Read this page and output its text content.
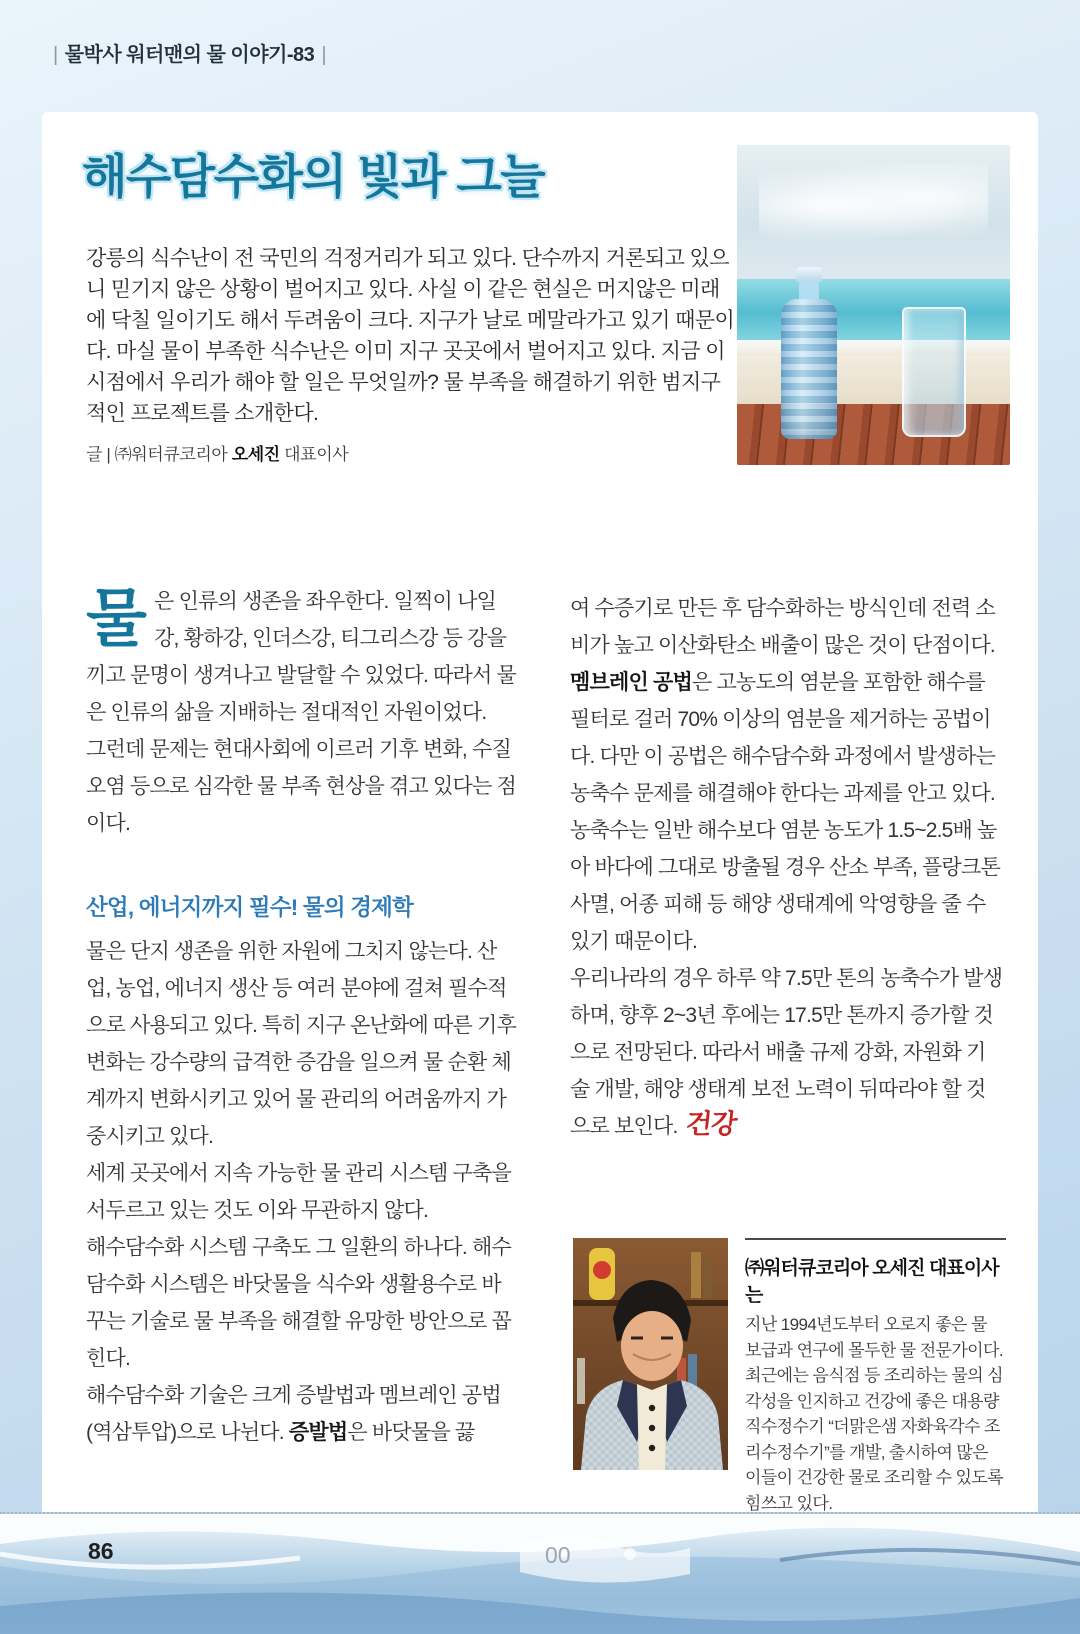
| 물박사 워터맨의 물 이야기-83 |
해수담수화의 빛과 그늘

강릉의 식수난이 전 국민의 걱정거리가 되고 있다. 단수까지 거론되고 있으니 믿기지 않은 상황이 벌어지고 있다. 사실 이 같은 현실은 머지않은 미래에 닥칠 일이기도 해서 두려움이 크다. 지구가 날로 메말라가고 있기 때문이다. 마실 물이 부족한 식수난은 이미 지구 곳곳에서 벌어지고 있다. 지금 이 시점에서 우리가 해야 할 일은 무엇일까? 물 부족을 해결하기 위한 범지구적인 프로젝트를 소개한다.

글 | ㈜워터큐코리아 오세진 대표이사

물은 인류의 생존을 좌우한다. 일찍이 나일강, 황하강, 인더스강, 티그리스강 등 강을 끼고 문명이 생겨나고 발달할 수 있었다. 따라서 물은 인류의 삶을 지배하는 절대적인 자원이었다.

그런데 문제는 현대사회에 이르러 기후 변화, 수질 오염 등으로 심각한 물 부족 현상을 겪고 있다는 점이다.

산업, 에너지까지 필수! 물의 경제학

물은 단지 생존을 위한 자원에 그치지 않는다. 산업, 농업, 에너지 생산 등 여러 분야에 걸쳐 필수적으로 사용되고 있다. 특히 지구 온난화에 따른 기후변화는 강수량의 급격한 증감을 일으켜 물 순환 체계까지 변화시키고 있어 물 관리의 어려움까지 가중시키고 있다.

세계 곳곳에서 지속 가능한 물 관리 시스템 구축을 서두르고 있는 것도 이와 무관하지 않다.

해수담수화 시스템 구축도 그 일환의 하나다. 해수담수화 시스템은 바닷물을 식수와 생활용수로 바꾸는 기술로 물 부족을 해결할 유망한 방안으로 꼽힌다.

해수담수화 기술은 크게 증발법과 멤브레인 공법(역삼투압)으로 나뉜다. 증발법은 바닷물을 끓

여 수증기로 만든 후 담수화하는 방식인데 전력 소비가 높고 이산화탄소 배출이 많은 것이 단점이다.

멤브레인 공법은 고농도의 염분을 포함한 해수를 필터로 걸러 70% 이상의 염분을 제거하는 공법이다. 다만 이 공법은 해수담수화 과정에서 발생하는 농축수 문제를 해결해야 한다는 과제를 안고 있다. 농축수는 일반 해수보다 염분 농도가 1.5~2.5배 높아 바다에 그대로 방출될 경우 산소 부족, 플랑크톤 사멸, 어종 피해 등 해양 생태계에 악영향을 줄 수 있기 때문이다.

우리나라의 경우 하루 약 7.5만 톤의 농축수가 발생하며, 향후 2~3년 후에는 17.5만 톤까지 증가할 것으로 전망된다. 따라서 배출 규제 강화, 자원화 기술 개발, 해양 생태계 보전 노력이 뒤따라야 할 것으로 보인다. 건강

㈜워터큐코리아 오세진 대표이사는

지난 1994년도부터 오로지 좋은 물 보급과 연구에 몰두한 물 전문가이다. 최근에는 음식점 등 조리하는 물의 심각성을 인지하고 건강에 좋은 대용량직수정수기 “더맑은샘 자화육각수 조리수정수기”를 개발, 출시하여 많은 이들이 건강한 물로 조리할 수 있도록 힘쓰고 있다.

86	00
